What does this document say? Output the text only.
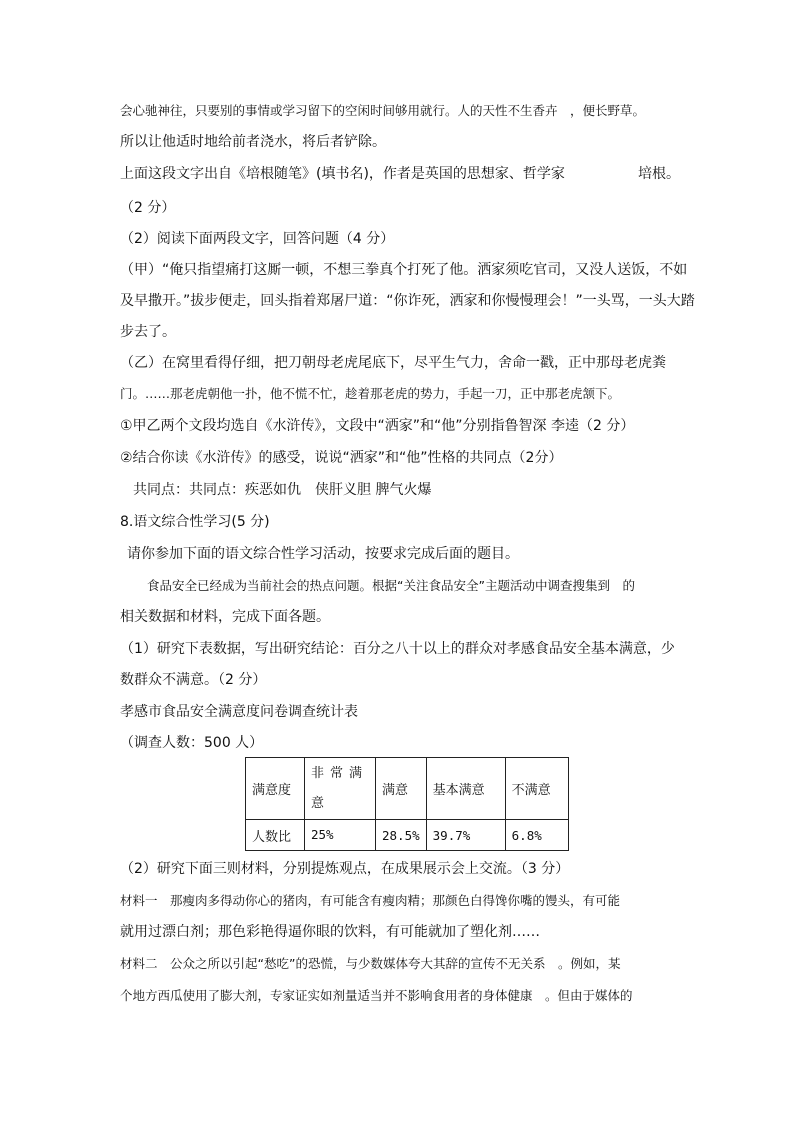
会心驰神往，只要别的事情或学习留下的空闲时间够用就行。人的天性不生香卉　，便长野草。
所以让他适时地给前者浇水，将后者铲除。
上面这段文字出自《培根随笔》(填书名)，作者是英国的思想家、哲学家	培根。
（2 分）
（2）阅读下面两段文字，回答问题（4 分）
（甲）“俺只指望痛打这厮一顿，不想三拳真个打死了他。洒家须吃官司，又没人送饭，不如
及早撒开。”拔步便走，回头指着郑屠尸道：“你诈死，洒家和你慢慢理会！”一头骂，一头大踏
步去了。
（乙）在窝里看得仔细，把刀朝母老虎尾底下，尽平生气力，舍命一戳，正中那母老虎粪
门。……那老虎朝他一扑，他不慌不忙，趁着那老虎的势力，手起一刀，正中那老虎颔下。
①甲乙两个文段均选自《水浒传》，文段中“洒家”和“他”分别指鲁智深 李逵（2 分）
②结合你读《水浒传》的感受，说说“洒家”和“他”性格的共同点（2分）
共同点：共同点：疾恶如仇　侠肝义胆 脾气火爆
8.语文综合性学习(5 分)
请你参加下面的语文综合性学习活动，按要求完成后面的题目。
食品安全已经成为当前社会的热点问题。根据“关注食品安全”主题活动中调查搜集到　的
相关数据和材料，完成下面各题。
（1）研究下表数据，写出研究结论：百分之八十以上的群众对孝感食品安全基本满意，少
数群众不满意。（2 分）
孝感市食品安全满意度问卷调查统计表
（调查人数：500 人）
满意度	非常满意	满意	基本满意	不满意
人数比	25%	28.5%	39.7%	6.8%
（2）研究下面三则材料，分别提炼观点，在成果展示会上交流。（3 分）
材料一　那瘦肉多得动你心的猪肉，有可能含有瘦肉精；那颜色白得馋你嘴的馒头，有可能
就用过漂白剂；那色彩艳得逼你眼的饮料，有可能就加了塑化剂……
材料二　公众之所以引起“愁吃”的恐慌，与少数媒体夸大其辞的宣传不无关系　。例如，某
个地方西瓜使用了膨大剂，专家证实如剂量适当并不影响食用者的身体健康　。但由于媒体的
